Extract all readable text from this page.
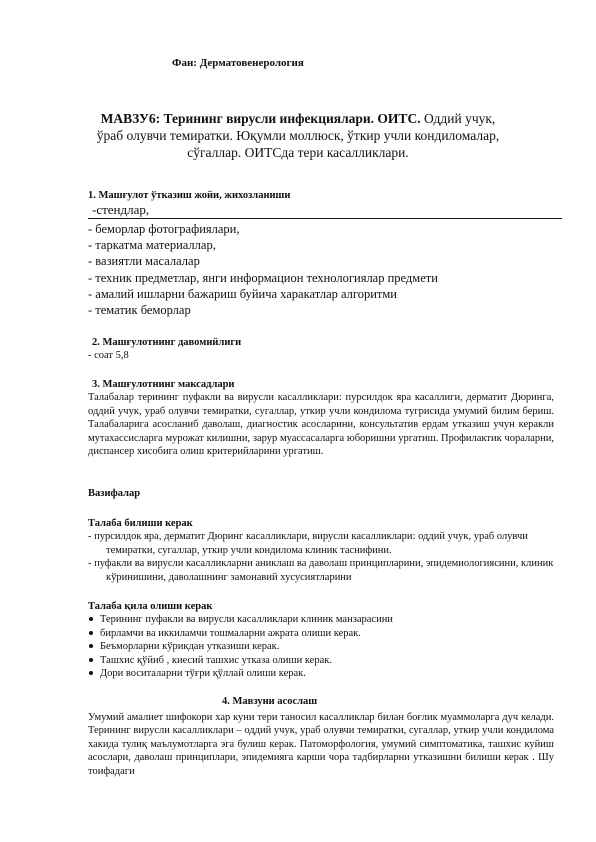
Фан: Дерматовенерология
МАВЗУ6: Терининг вирусли инфекциялари. ОИТС. Оддий учук, ўраб олувчи темиратки. Юқумли моллюск, ўткир учли кондиломалар, сўгаллар. ОИТСда тери касалликлари.
1. Машғулот ўтказиш жойи, жихозланиши
-стендлар,
- беморлар фотографиялари,
- таркатма материаллар,
- вазиятли масалалар
- техник предметлар, янги информацион технологиялар предмети
- амалий ишларни бажариш буйича харакатлар алгоритми
- тематик беморлар
2. Машғулотнинг давомийлиги
- соат 5,8
3. Машғулотнинг максадлари
Талабалар терининг пуфакли ва вирусли касалликлари: пурсилдок яра касаллиги, дерматит Дюринга, оддий учук, ураб олувчи темиратки, сугаллар, уткир учли кондилома тугрисида умумий билим бериш. Талабаларига асосланиб даволаш, диагностик асосларини, консультатив ердам утказиш учун керакли мутахассисларга мурожат килишни, зарур муассасаларга юборишни ургатиш. Профилактик чораларни, диспансер хисобига олиш критерийларини ургатиш.
Вазифалар
Талаба билиши керак
- пурсилдок яра, дерматит Дюринг касалликлари, вирусли касалликлари: оддий учук, ураб олувчи темиратки, сугаллар, уткир учли кондилома клиник таснифини.
- пуфакли ва вирусли касалликларни аниклаш ва даволаш принципларини, эпидемиологиясини, клиник кўринишини, даволашнинг замонавий хусусиятларини
Талаба қила олиши керак
Терининг пуфакли ва вирусли касалликлари клиник манзарасини
бирламчи ва иккиламчи тошмаларни ажрата олиши керак.
Беъморларни кўрикдан утказиши керак.
Ташхис қўйиб , киесий ташхис утказа олиши керак.
Дори воситаларни тўғри қўллай олиши керак.
4. Мавзуни асослаш
Умумий амалиет шифокори хар куни тери таносил касалликлар билан боғлик муаммоларга дуч келади. Терининг вирусли касалликлари – оддий учук, ураб олувчи темиратки, сугаллар, уткир учли кондилома хакида тулиқ маълумотларга эга булиш керак. Патоморфология, умумий симптоматика, ташхис куйиш асослари, даволаш принциплари, эпидемияга карши чора тадбирларни утказишни билиши керак . Шу тоифадаги
